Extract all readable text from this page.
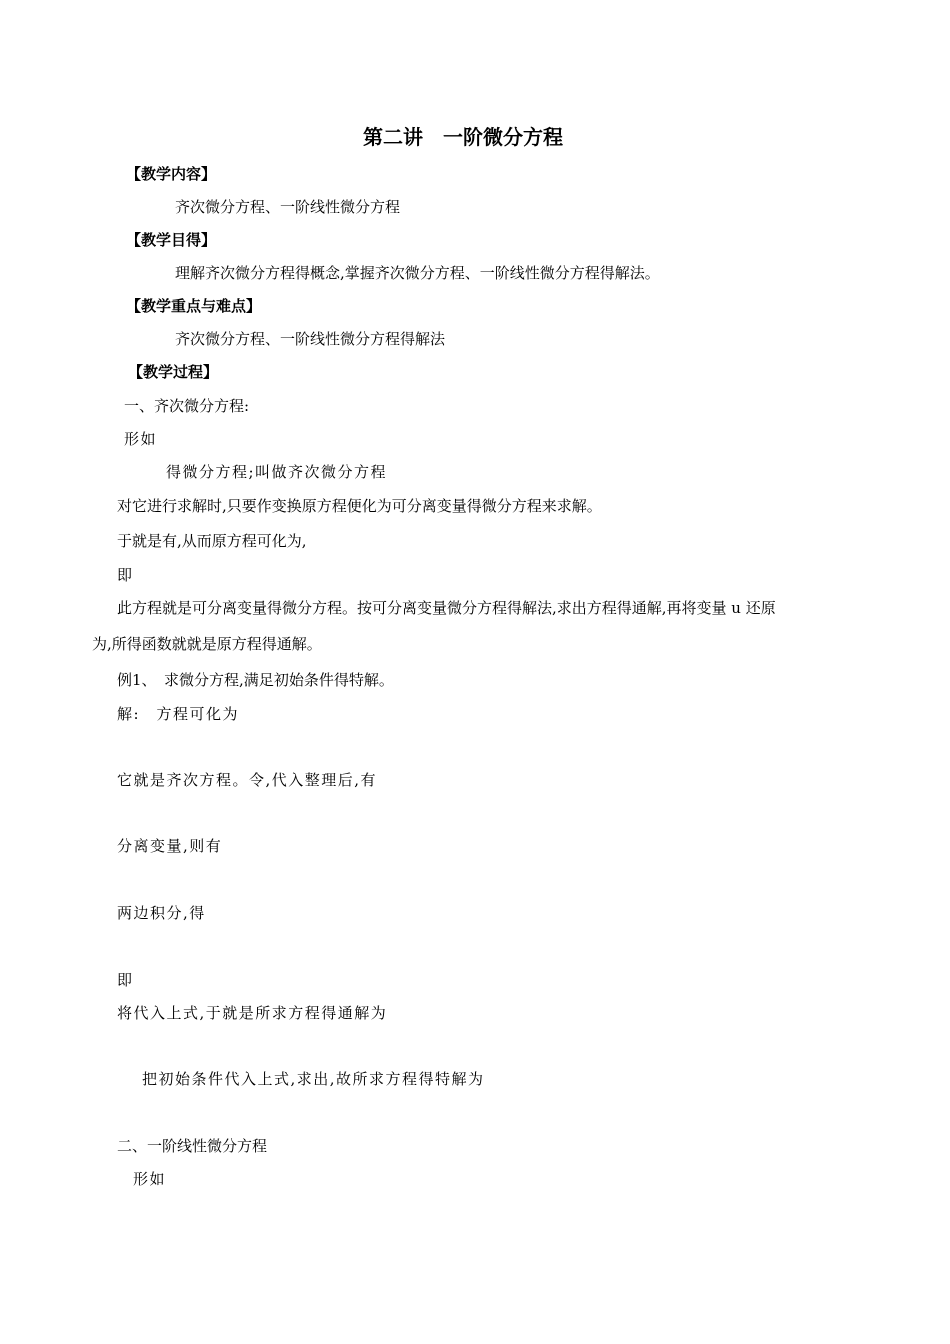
第二讲　一阶微分方程
【教学内容】
齐次微分方程、一阶线性微分方程
【教学目得】
理解齐次微分方程得概念,掌握齐次微分方程、一阶线性微分方程得解法。
【教学重点与难点】
齐次微分方程、一阶线性微分方程得解法
【教学过程】
一、齐次微分方程:
形如
得微分方程;叫做齐次微分方程
对它进行求解时,只要作变换原方程便化为可分离变量得微分方程来求解。
于就是有,从而原方程可化为,
即
此方程就是可分离变量得微分方程。按可分离变量微分方程得解法,求出方程得通解,再将变量 u 还原
为,所得函数就就是原方程得通解。
例1、　求微分方程,满足初始条件得特解。
解:　方程可化为
它就是齐次方程。令,代入整理后,有
分离变量,则有
两边积分,得
即
将代入上式,于就是所求方程得通解为
把初始条件代入上式,求出,故所求方程得特解为
二、一阶线性微分方程
形如
